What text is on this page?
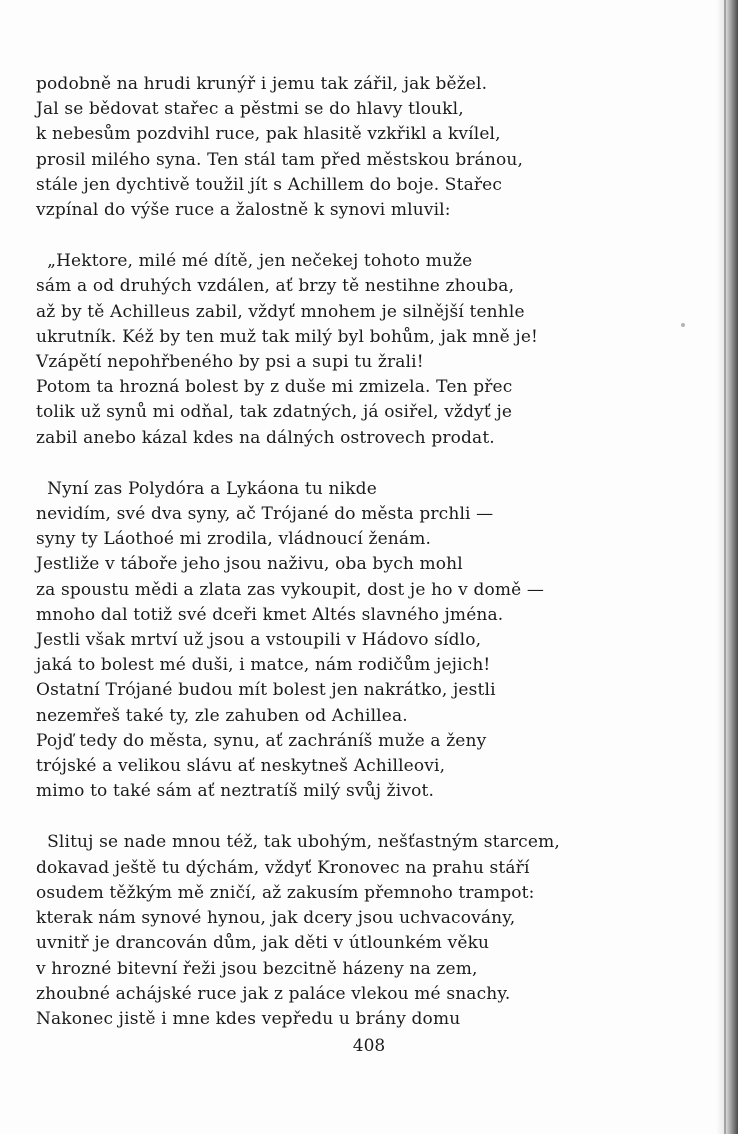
podobně na hrudi krunýř i jemu tak zářil, jak běžel.
Jal se bědovat stařec a pěstmi se do hlavy tloukl,
k nebesům pozdvihl ruce, pak hlasitě vzkřikl a kvílel,
prosil milého syna. Ten stál tam před městskou bránou,
stále jen dychtivě toužil jít s Achillem do boje. Stařec
vzpínal do výše ruce a žalostně k synovi mluvil:
„Hektore, milé mé dítě, jen nečekej tohoto muže
sám a od druhých vzdálen, ať brzy tě nestihne zhouba,
až by tě Achilleus zabil, vždyť mnohem je silnější tenhle
ukrutník. Kéž by ten muž tak milý byl bohům, jak mně je!
Vzápětí nepohřbeného by psi a supi tu žrali!
Potom ta hrozná bolest by z duše mi zmizela. Ten přec
tolik už synů mi odňal, tak zdatných, já osiřel, vždyť je
zabil anebo kázal kdes na dálných ostrovech prodat.
Nyní zas Polydóra a Lykáona tu nikde
nevidím, své dva syny, ač Trójané do města prchli —
syny ty Láothoé mi zrodila, vládnoucí ženám.
Jestliže v táboře jeho jsou naživu, oba bych mohl
za spoustu mědi a zlata zas vykoupit, dost je ho v domě —
mnoho dal totiž své dceři kmet Altés slavného jména.
Jestli však mrtví už jsou a vstoupili v Hádovo sídlo,
jaká to bolest mé duši, i matce, nám rodičům jejich!
Ostatní Trójané budou mít bolest jen nakrátko, jestli
nezemřeš také ty, zle zahuben od Achillea.
Pojď tedy do města, synu, ať zachráníš muže a ženy
trójské a velikou slávu ať neskytneš Achilleovi,
mimo to také sám ať neztratíš milý svůj život.
Slituj se nade mnou též, tak ubohým, nešťastným starcem,
dokavad ještě tu dýchám, vždyť Kronovec na prahu stáří
osudem těžkým mě zničí, až zakusím přemnoho trampot:
kterak nám synové hynou, jak dcery jsou uchvacovány,
uvnitř je drancován dům, jak děti v útlounkém věku
v hrozné bitevní řeži jsou bezcitně házeny na zem,
zhoubné achájské ruce jak z paláce vlekou mé snachy.
Nakonec jistě i mne kdes vepředu u brány domu
408
